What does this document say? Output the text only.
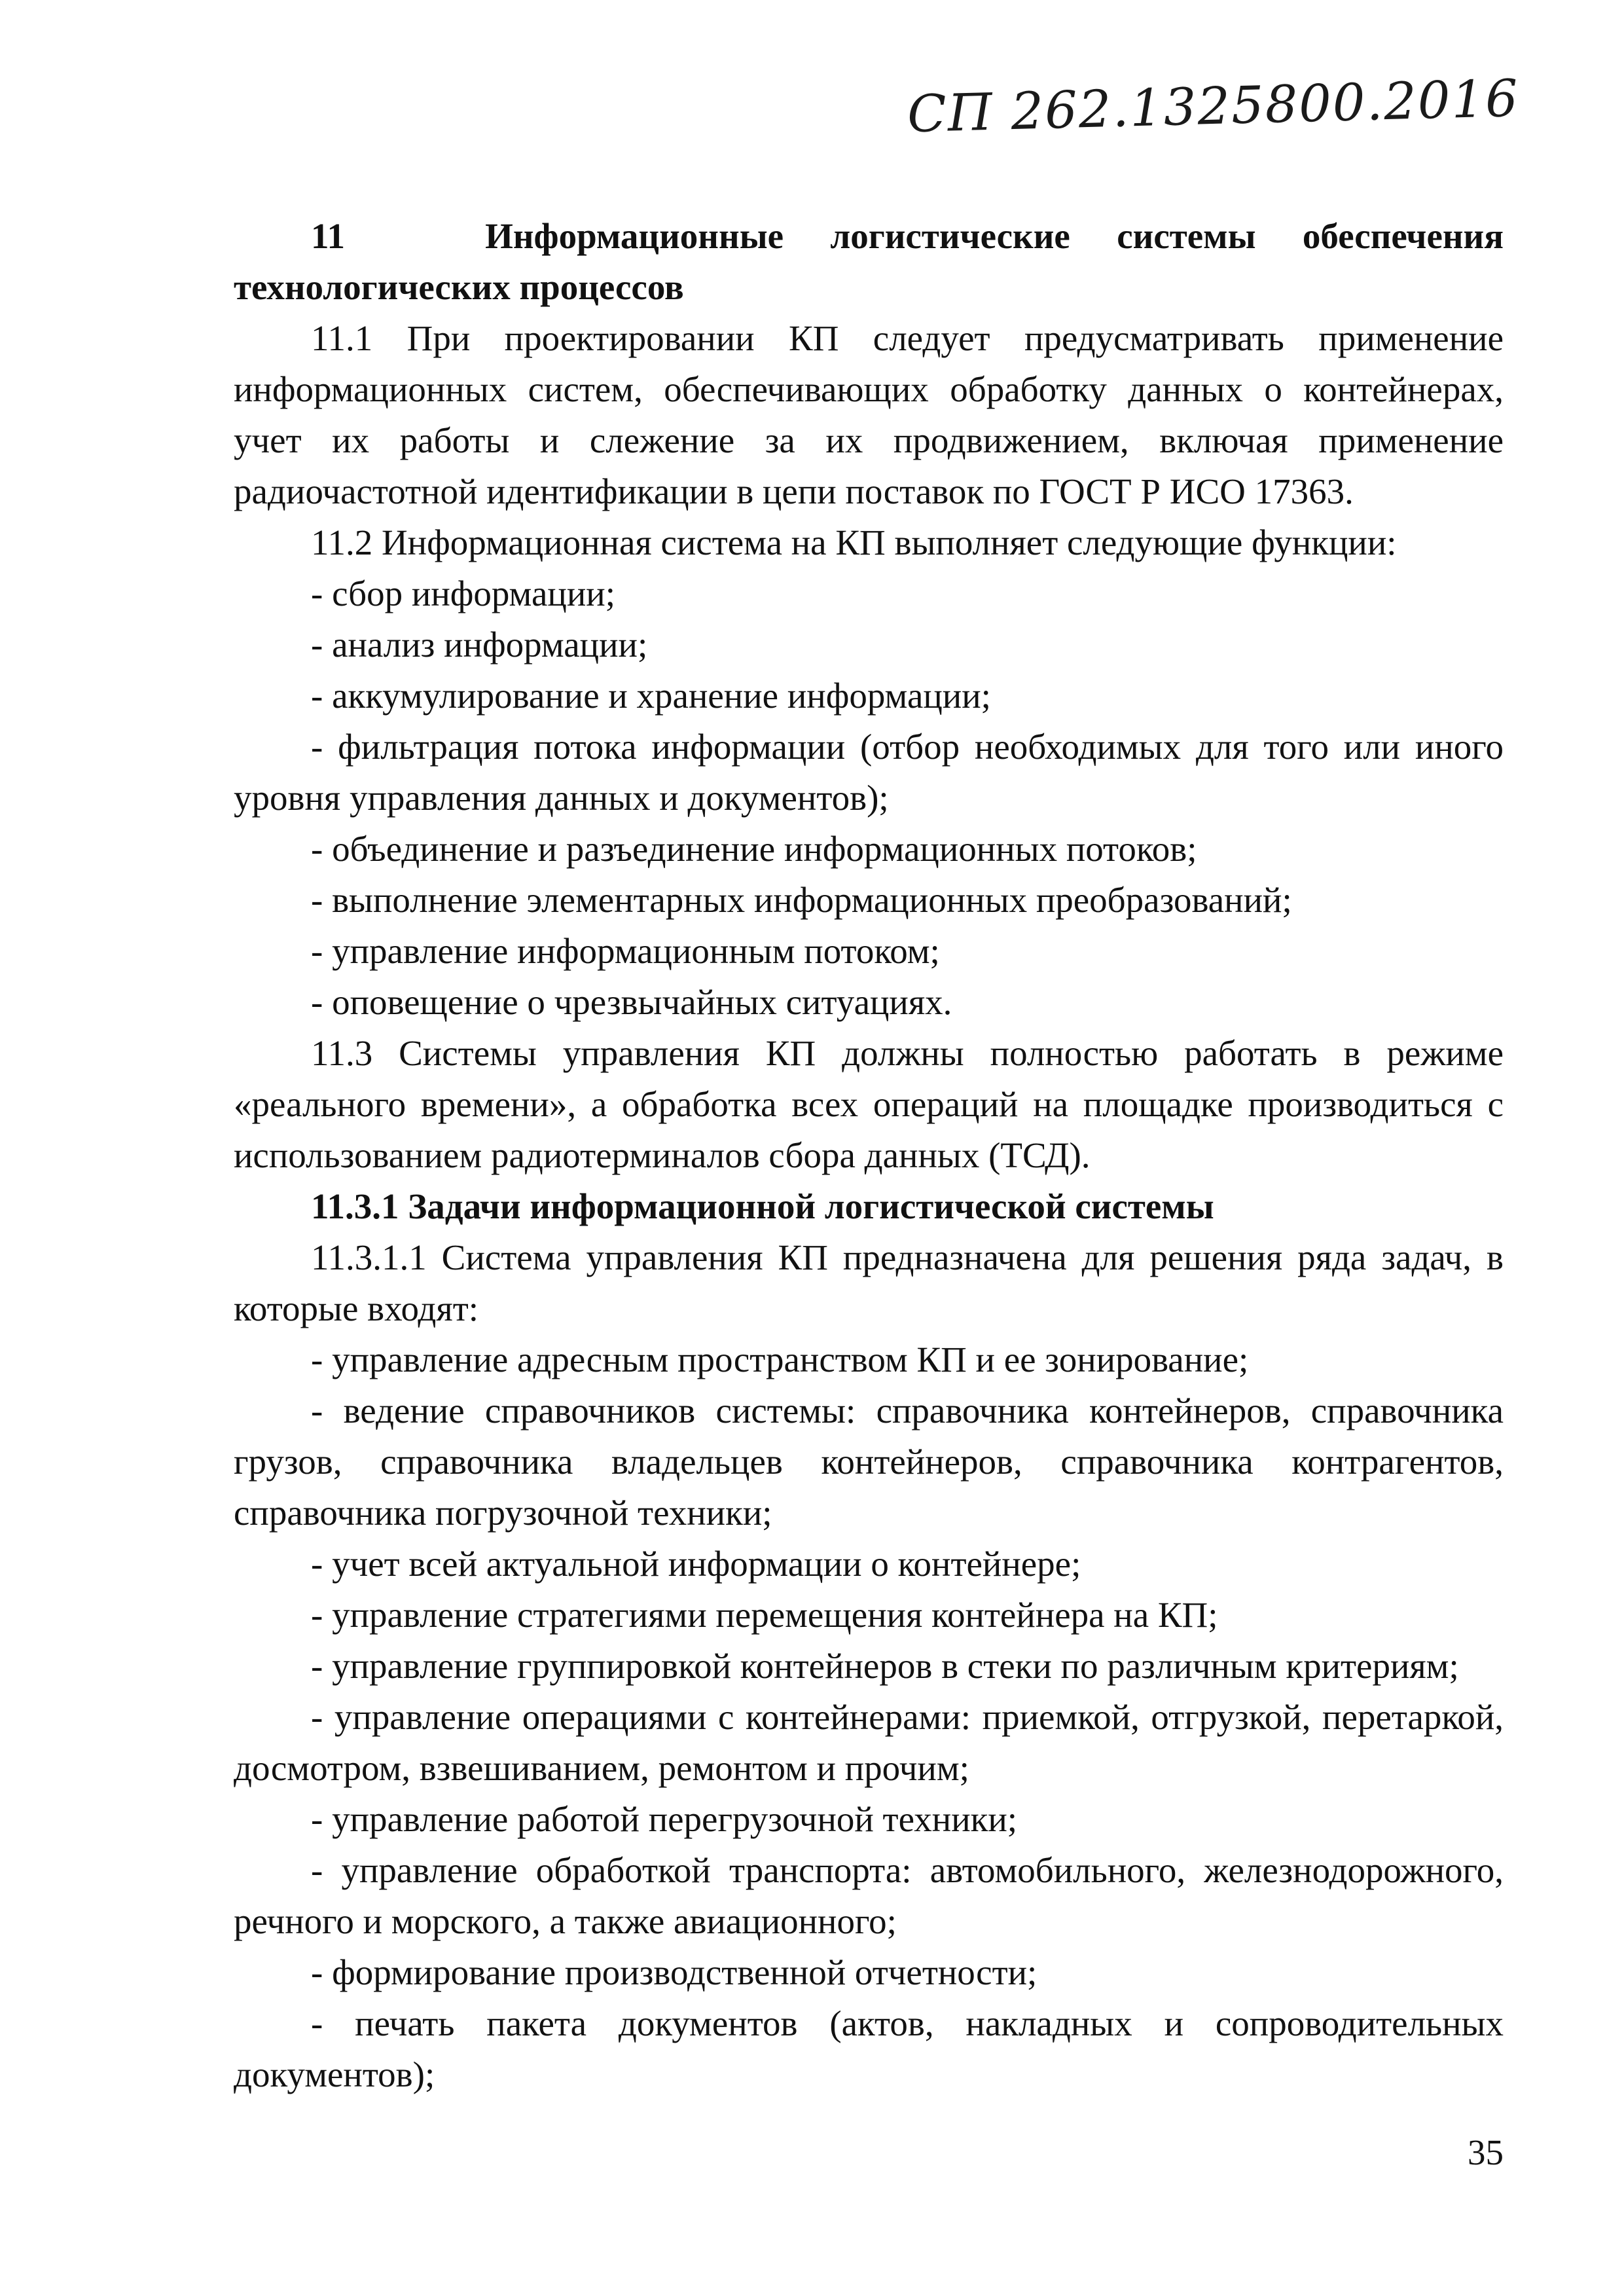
СП 262.1325800.2016

11	Информационные логистические системы обеспечения технологических процессов

11.1 При проектировании КП следует предусматривать применение информационных систем, обеспечивающих обработку данных о контейнерах, учет их работы и слежение за их продвижением, включая применение радиочастотной идентификации в цепи поставок по ГОСТ Р ИСО 17363.

11.2 Информационная система на КП выполняет следующие функции:

- сбор информации;

- анализ информации;

- аккумулирование и хранение информации;

- фильтрация потока информации (отбор необходимых для того или иного уровня управления данных и документов);

- объединение и разъединение информационных потоков;

- выполнение элементарных информационных преобразований;

- управление информационным потоком;

- оповещение о чрезвычайных ситуациях.

11.3 Системы управления КП должны полностью работать в режиме «реального времени», а обработка всех операций на площадке производиться с использованием радиотерминалов сбора данных (ТСД).

11.3.1 Задачи информационной логистической системы

11.3.1.1 Система управления КП предназначена для решения ряда задач, в которые входят:

- управление адресным пространством КП и ее зонирование;

- ведение справочников системы: справочника контейнеров, справочника грузов, справочника владельцев контейнеров, справочника контрагентов, справочника погрузочной техники;

- учет всей актуальной информации о контейнере;

- управление стратегиями перемещения контейнера на КП;

- управление группировкой контейнеров в стеки по различным критериям;

- управление операциями с контейнерами: приемкой, отгрузкой, перетаркой, досмотром, взвешиванием, ремонтом и прочим;

- управление работой перегрузочной техники;

- управление обработкой транспорта: автомобильного, железнодорожного, речного и морского, а также авиационного;

- формирование производственной отчетности;

- печать пакета документов (актов, накладных и сопроводительных документов);

35
